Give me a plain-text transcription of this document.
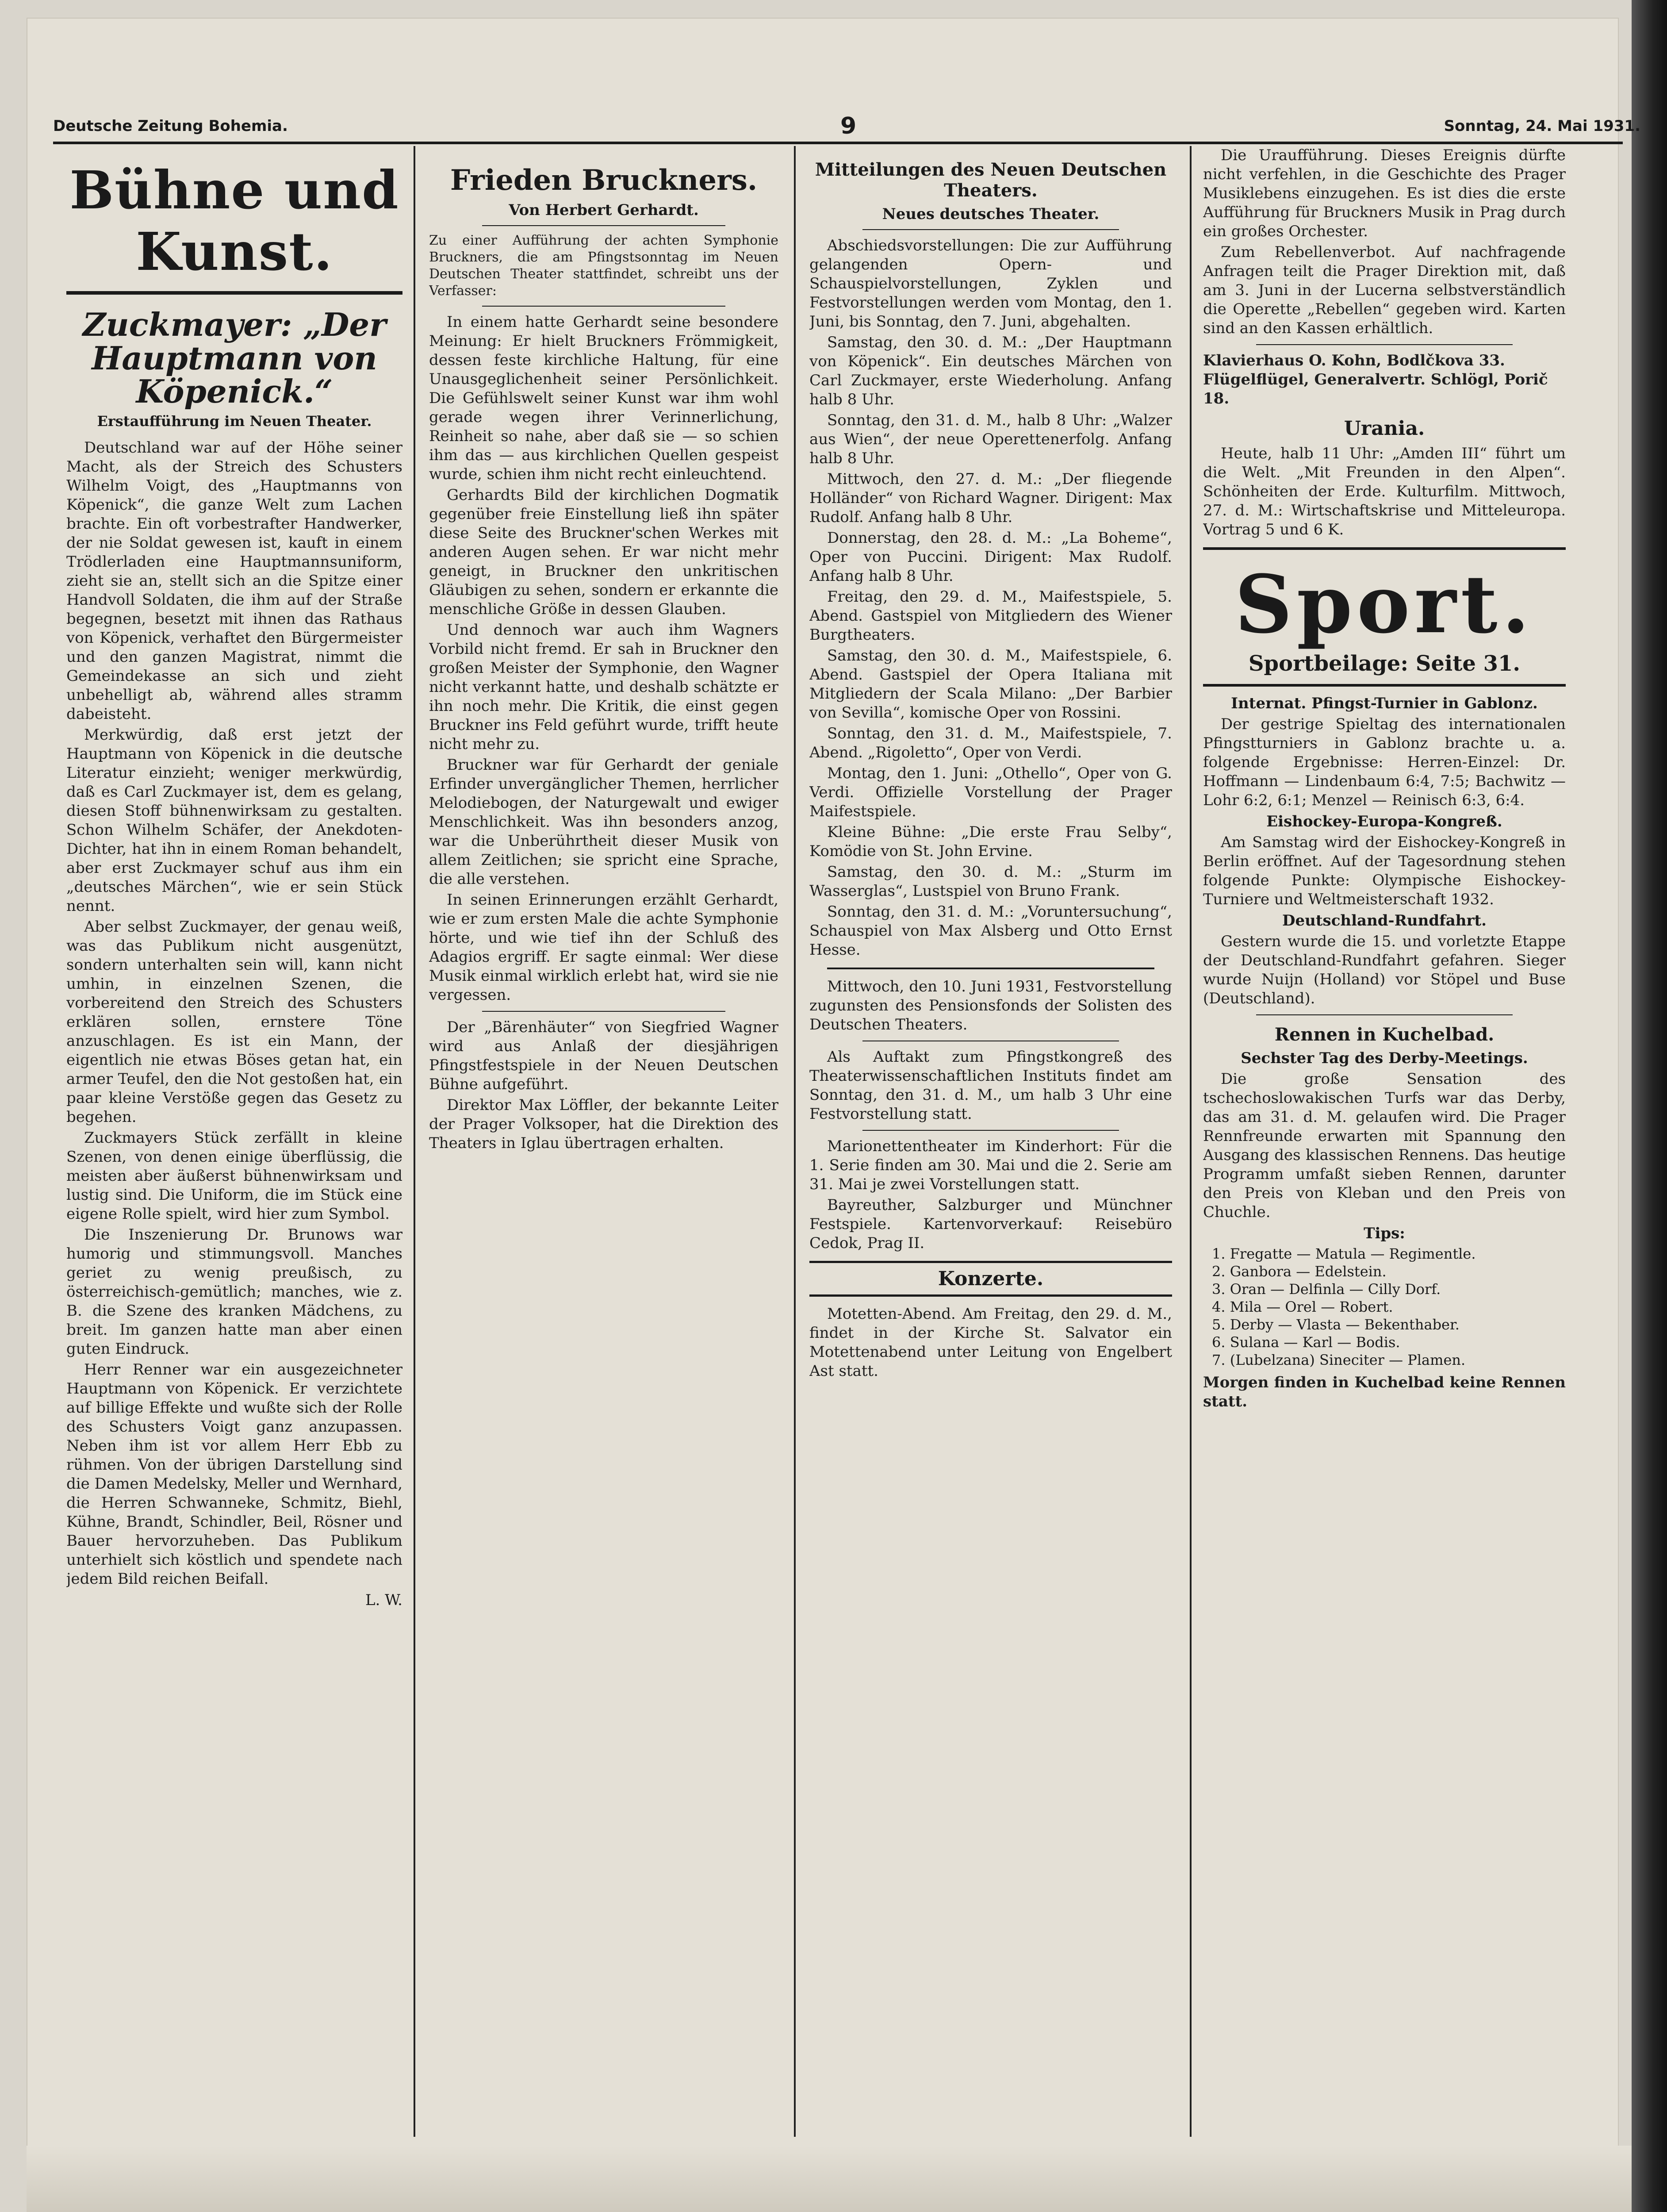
Deutsche Zeitung Bohemia.	9	Sonntag, 24. Mai 1931.
Bühne und Kunst.
Zuckmayer: „Der Hauptmann von Köpenick.“
Erstaufführung im Neuen Theater.

Deutschland war auf der Höhe seiner Macht, als der Streich des Schusters Wilhelm Voigt, des „Hauptmanns von Köpenick“, die ganze Welt zum Lachen brachte. Ein oft vorbestrafter Handwerker, der nie Soldat gewesen ist, kauft in einem Trödlerladen eine Hauptmannsuniform, zieht sie an, stellt sich an die Spitze einer Handvoll Soldaten, die ihm auf der Straße begegnen, besetzt mit ihnen das Rathaus von Köpenick, verhaftet den Bürgermeister und den ganzen Magistrat, nimmt die Gemeindekasse an sich und zieht unbehelligt ab, während alles stramm dabeisteht.

Merkwürdig, daß erst jetzt der Hauptmann von Köpenick in die deutsche Literatur einzieht; weniger merkwürdig, daß es Carl Zuckmayer ist, dem es gelang, diesen Stoff bühnenwirksam zu gestalten. Schon Wilhelm Schäfer, der Anekdoten-Dichter, hat ihn in einem Roman behandelt, aber erst Zuckmayer schuf aus ihm ein „deutsches Märchen“, wie er sein Stück nennt.

Aber selbst Zuckmayer, der genau weiß, was das Publikum nicht ausgenützt, sondern unterhalten sein will, kann nicht umhin, in einzelnen Szenen, die vorbereitend den Streich des Schusters erklären sollen, ernstere Töne anzuschlagen. Es ist ein Mann, der eigentlich nie etwas Böses getan hat, ein armer Teufel, den die Not gestoßen hat, ein paar kleine Verstöße gegen das Gesetz zu begehen.

Zuckmayers Stück zerfällt in kleine Szenen, von denen einige überflüssig, die meisten aber äußerst bühnenwirksam und lustig sind. Die Uniform, die im Stück eine eigene Rolle spielt, wird hier zum Symbol.

Die Inszenierung Dr. Brunows war humorig und stimmungsvoll. Manches geriet zu wenig preußisch, zu österreichisch-gemütlich; manches, wie z. B. die Szene des kranken Mädchens, zu breit. Im ganzen hatte man aber einen guten Eindruck.

Herr Renner war ein ausgezeichneter Hauptmann von Köpenick. Er verzichtete auf billige Effekte und wußte sich der Rolle des Schusters Voigt ganz anzupassen. Neben ihm ist vor allem Herr Ebb zu rühmen. Von der übrigen Darstellung sind die Damen Medelsky, Meller und Wernhard, die Herren Schwanneke, Schmitz, Biehl, Kühne, Brandt, Schindler, Beil, Rösner und Bauer hervorzuheben. Das Publikum unterhielt sich köstlich und spendete nach jedem Bild reichen Beifall.

L. W.
Frieden Bruckners.
Von Herbert Gerhardt.
Zu einer Aufführung der achten Symphonie Bruckners, die am Pfingstsonntag im Neuen Deutschen Theater stattfindet, schreibt uns der Verfasser:

In einem hatte Gerhardt seine besondere Meinung: Er hielt Bruckners Frömmigkeit, dessen feste kirchliche Haltung, für eine Unausgeglichenheit seiner Persönlichkeit. Die Gefühlswelt seiner Kunst war ihm wohl gerade wegen ihrer Verinnerlichung, Reinheit so nahe, aber daß sie — so schien ihm das — aus kirchlichen Quellen gespeist wurde, schien ihm nicht recht einleuchtend.

Gerhardts Bild der kirchlichen Dogmatik gegenüber freie Einstellung ließ ihn später diese Seite des Bruckner'schen Werkes mit anderen Augen sehen. Er war nicht mehr geneigt, in Bruckner den unkritischen Gläubigen zu sehen, sondern er erkannte die menschliche Größe in dessen Glauben.

Und dennoch war auch ihm Wagners Vorbild nicht fremd. Er sah in Bruckner den großen Meister der Symphonie, den Wagner nicht verkannt hatte, und deshalb schätzte er ihn noch mehr. Die Kritik, die einst gegen Bruckner ins Feld geführt wurde, trifft heute nicht mehr zu.

Bruckner war für Gerhardt der geniale Erfinder unvergänglicher Themen, herrlicher Melodiebogen, der Naturgewalt und ewiger Menschlichkeit. Was ihn besonders anzog, war die Unberührtheit dieser Musik von allem Zeitlichen; sie spricht eine Sprache, die alle verstehen.

In seinen Erinnerungen erzählt Gerhardt, wie er zum ersten Male die achte Symphonie hörte, und wie tief ihn der Schluß des Adagios ergriff. Er sagte einmal: Wer diese Musik einmal wirklich erlebt hat, wird sie nie vergessen.

Der „Bärenhäuter“ von Siegfried Wagner wird aus Anlaß der diesjährigen Pfingstfestspiele in der Neuen Deutschen Bühne aufgeführt.

Direktor Max Löffler, der bekannte Leiter der Prager Volksoper, hat die Direktion des Theaters in Iglau übertragen erhalten.

Mitteilungen des Neuen Deutschen Theaters.
Neues deutsches Theater.

Abschiedsvorstellungen: Die zur Aufführung gelangenden Opern- und Schauspielvorstellungen, Zyklen und Festvorstellungen werden vom Montag, den 1. Juni, bis Sonntag, den 7. Juni, abgehalten.

Samstag, den 30. d. M.: „Der Hauptmann von Köpenick“. Ein deutsches Märchen von Carl Zuckmayer, erste Wiederholung. Anfang halb 8 Uhr.

Sonntag, den 31. d. M., halb 8 Uhr: „Walzer aus Wien“, der neue Operettenerfolg. Anfang halb 8 Uhr.

Mittwoch, den 27. d. M.: „Der fliegende Holländer“ von Richard Wagner. Dirigent: Max Rudolf. Anfang halb 8 Uhr.

Donnerstag, den 28. d. M.: „La Boheme“, Oper von Puccini. Dirigent: Max Rudolf. Anfang halb 8 Uhr.

Freitag, den 29. d. M., Maifestspiele, 5. Abend. Gastspiel von Mitgliedern des Wiener Burgtheaters.

Samstag, den 30. d. M., Maifestspiele, 6. Abend. Gastspiel der Opera Italiana mit Mitgliedern der Scala Milano: „Der Barbier von Sevilla“, komische Oper von Rossini.

Sonntag, den 31. d. M., Maifestspiele, 7. Abend. „Rigoletto“, Oper von Verdi.

Montag, den 1. Juni: „Othello“, Oper von G. Verdi. Offizielle Vorstellung der Prager Maifestspiele.

Kleine Bühne: „Die erste Frau Selby“, Komödie von St. John Ervine.

Samstag, den 30. d. M.: „Sturm im Wasserglas“, Lustspiel von Bruno Frank.

Sonntag, den 31. d. M.: „Voruntersuchung“, Schauspiel von Max Alsberg und Otto Ernst Hesse.

Mittwoch, den 10. Juni 1931, Festvorstellung zugunsten des Pensionsfonds der Solisten des Deutschen Theaters.

Als Auftakt zum Pfingstkongreß des Theaterwissenschaftlichen Instituts findet am Sonntag, den 31. d. M., um halb 3 Uhr eine Festvorstellung statt.

Marionettentheater im Kinderhort: Für die 1. Serie finden am 30. Mai und die 2. Serie am 31. Mai je zwei Vorstellungen statt.

Bayreuther, Salzburger und Münchner Festspiele. Kartenvorverkauf: Reisebüro Cedok, Prag II.

Konzerte.

Motetten-Abend. Am Freitag, den 29. d. M., findet in der Kirche St. Salvator ein Motettenabend unter Leitung von Engelbert Ast statt.

Die Uraufführung. Dieses Ereignis dürfte nicht verfehlen, in die Geschichte des Prager Musiklebens einzugehen. Es ist dies die erste Aufführung für Bruckners Musik in Prag durch ein großes Orchester.

Zum Rebellenverbot. Auf nachfragende Anfragen teilt die Prager Direktion mit, daß am 3. Juni in der Lucerna selbstverständlich die Operette „Rebellen“ gegeben wird. Karten sind an den Kassen erhältlich.

Klavierhaus O. Kohn, Bodlčkova 33.
Flügelflügel, Generalvertr. Schlögl, Porič 18.
Urania.

Heute, halb 11 Uhr: „Amden III“ führt um die Welt. „Mit Freunden in den Alpen“. Schönheiten der Erde. Kulturfilm. Mittwoch, 27. d. M.: Wirtschaftskrise und Mitteleuropa. Vortrag 5 und 6 K.

Sport.
Sportbeilage: Seite 31.
Internat. Pfingst-Turnier in Gablonz.

Der gestrige Spieltag des internationalen Pfingstturniers in Gablonz brachte u. a. folgende Ergebnisse: Herren-Einzel: Dr. Hoffmann — Lindenbaum 6:4, 7:5; Bachwitz — Lohr 6:2, 6:1; Menzel — Reinisch 6:3, 6:4.

Eishockey-Europa-Kongreß.

Am Samstag wird der Eishockey-Kongreß in Berlin eröffnet. Auf der Tagesordnung stehen folgende Punkte: Olympische Eishockey-Turniere und Weltmeisterschaft 1932.

Deutschland-Rundfahrt.

Gestern wurde die 15. und vorletzte Etappe der Deutschland-Rundfahrt gefahren. Sieger wurde Nuijn (Holland) vor Stöpel und Buse (Deutschland).

Rennen in Kuchelbad.
Sechster Tag des Derby-Meetings.

Die große Sensation des tschechoslowakischen Turfs war das Derby, das am 31. d. M. gelaufen wird. Die Prager Rennfreunde erwarten mit Spannung den Ausgang des klassischen Rennens. Das heutige Programm umfaßt sieben Rennen, darunter den Preis von Kleban und den Preis von Chuchle.

Tips:
1. Fregatte — Matula — Regimentle.
2. Ganbora — Edelstein.
3. Oran — Delfinla — Cilly Dorf.
4. Mila — Orel — Robert.
5. Derby — Vlasta — Bekenthaber.
6. Sulana — Karl — Bodis.
7. (Lubelzana) Sineciter — Plamen.
Morgen finden in Kuchelbad keine Rennen statt.
